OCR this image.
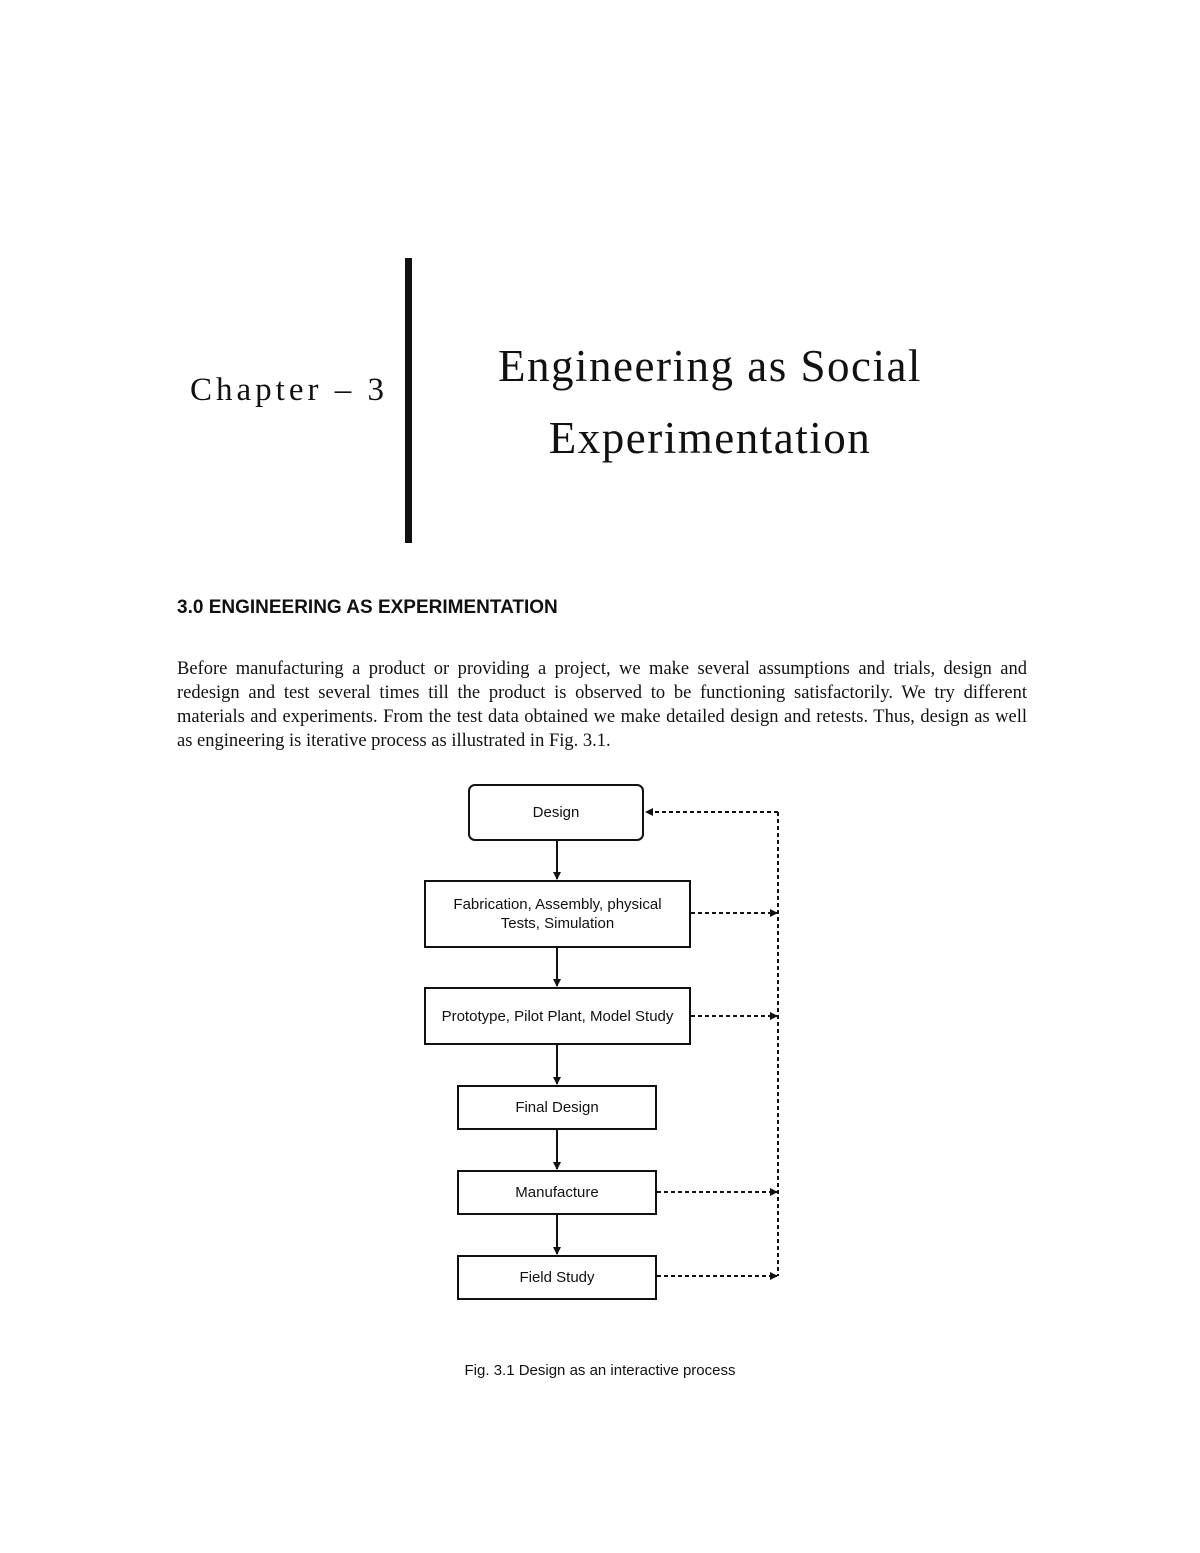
Chapter – 3	Engineering as Social
Experimentation
3.0 ENGINEERING AS EXPERIMENTATION

Before manufacturing a product or providing a project, we make several assumptions and trials, design and redesign and test several times till the product is observed to be functioning satisfactorily. We try different materials and experiments. From the test data obtained we make detailed design and retests. Thus, design as well as engineering is iterative process as illustrated in Fig. 3.1.

Design
Fabrication, Assembly, physical Tests, Simulation
Prototype, Pilot Plant, Model Study
Final Design
Manufacture
Field Study
Fig. 3.1 Design as an interactive process
